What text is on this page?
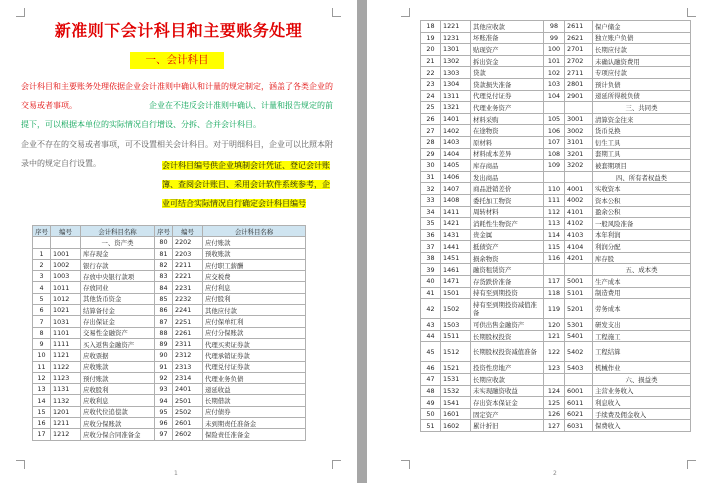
新准则下会计科目和主要账务处理
一、会计科目
会计科目和主要账务处理依据企业会计准则中确认和计量的规定制定，涵盖了各类企业的交易或者事项。	企业在不违反会计准则中确认、计量和报告规定的前提下，可以根据本单位的实际情况自行增设、分拆、合并会计科目。
企业不存在的交易或者事项，可不设置相关会计科目。对于明细科目，企业可以比照本附录中的规定自行设置。	会计科目编号供企业填制会计凭证、登记会计账簿、查阅会计账目、采用会计软件系统参考，企业可结合实际情况自行确定会计科目编号
序号	编号	会计科目名称	序号	编号	会计科目名称
		一、资产类	80	2202	应付账款
1	1001	库存现金	81	2203	预收账款
2	1002	银行存款	82	2211	应付职工薪酬
3	1003	存放中央银行款项	83	2221	应交税费
4	1011	存放同业	84	2231	应付利息
5	1012	其他货币资金	85	2232	应付股利
6	1021	结算备付金	86	2241	其他应付款
7	1031	存出保证金	87	2251	应付保单红利
8	1101	交易性金融资产	88	2261	应付分保账款
9	1111	买入返售金融资产	89	2311	代理买卖证券款
10	1121	应收票据	90	2312	代理承销证券款
11	1122	应收账款	91	2313	代理兑付证券款
12	1123	预付账款	92	2314	代理业务负债
13	1131	应收股利	93	2401	递延收益
14	1132	应收利息	94	2501	长期借款
15	1201	应收代位追偿款	95	2502	应付债券
16	1211	应收分保账款	96	2601	未到期责任准备金
17	1212	应收分保合同准备金	97	2602	保险责任准备金
1
18	1221	其他应收款	98	2611	保户储金
19	1231	坏账准备	99	2621	独立账户负债
20	1301	贴现资产	100	2701	长期应付款
21	1302	拆出资金	101	2702	未确认融资费用
22	1303	贷款	102	2711	专项应付款
23	1304	贷款损失准备	103	2801	预计负债
24	1311	代理兑付证券	104	2901	递延所得税负债
25	1321	代理业务资产			三、共同类
26	1401	材料采购	105	3001	清算资金往来
27	1402	在途物资	106	3002	货币兑换
28	1403	原材料	107	3101	衍生工具
29	1404	材料成本差异	108	3201	套期工具
30	1405	库存商品	109	3202	被套期项目
31	1406	发出商品			四、所有者权益类
32	1407	商品进销差价	110	4001	实收资本
33	1408	委托加工物资	111	4002	资本公积
34	1411	周转材料	112	4101	盈余公积
35	1421	消耗性生物资产	113	4102	一般风险准备
36	1431	贵金属	114	4103	本年利润
37	1441	抵债资产	115	4104	利润分配
38	1451	损余物资	116	4201	库存股
39	1461	融资租赁资产			五、成本类
40	1471	存货跌价准备	117	5001	生产成本
41	1501	持有至到期投资	118	5101	制造费用
42	1502	持有至到期投资减值准备	119	5201	劳务成本
43	1503	可供出售金融资产	120	5301	研发支出
44	1511	长期股权投资	121	5401	工程施工
45	1512	长期股权投资减值准备	122	5402	工程结算
46	1521	投资性房地产	123	5403	机械作业
47	1531	长期应收款			六、损益类
48	1532	未实现融资收益	124	6001	主营业务收入
49	1541	存出资本保证金	125	6011	利息收入
50	1601	固定资产	126	6021	手续费及佣金收入
51	1602	累计折旧	127	6031	保费收入
2
